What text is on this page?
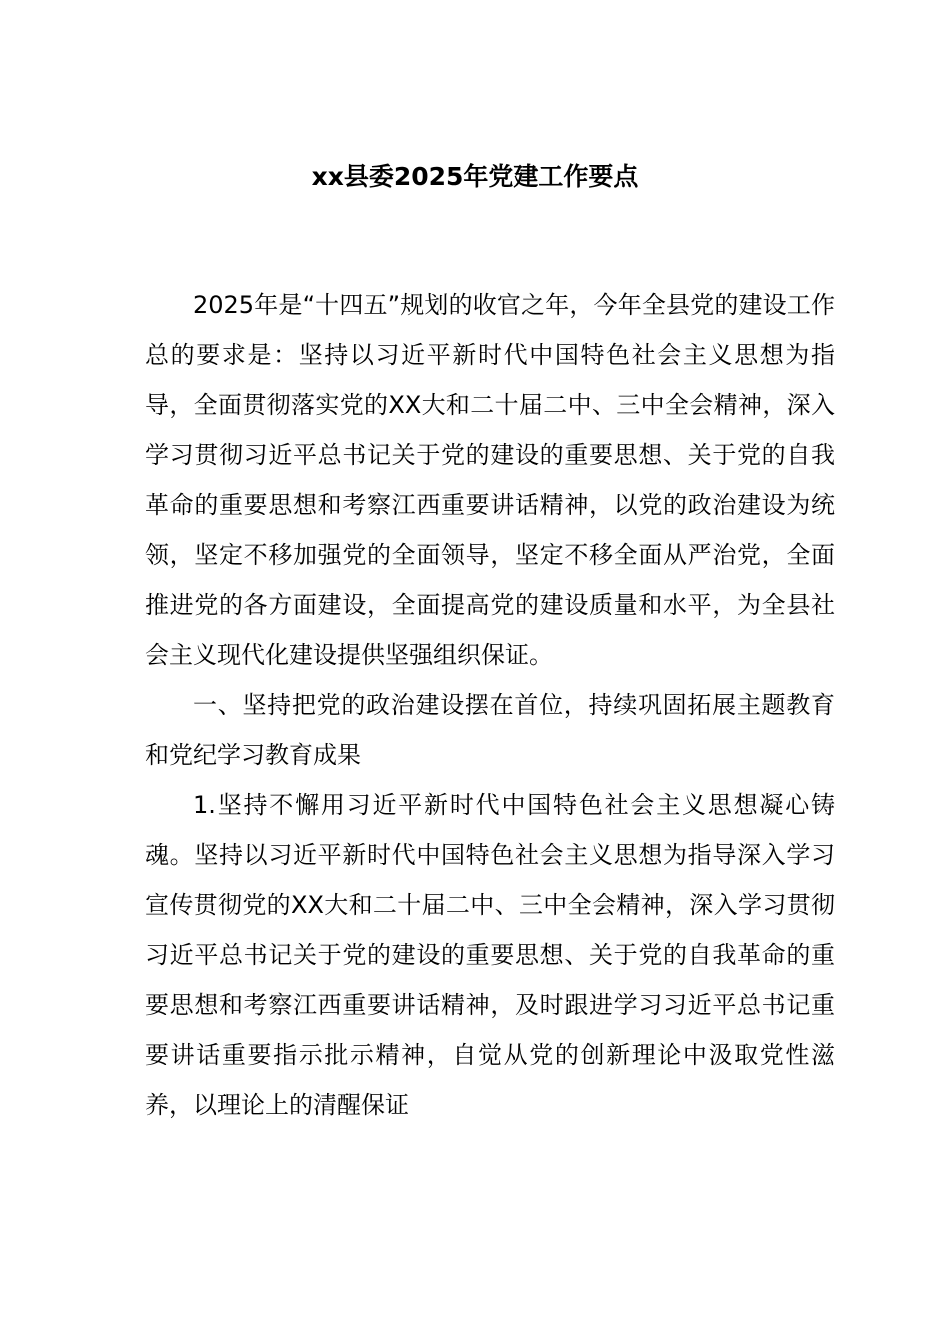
xx县委2025年党建工作要点

2025年是“十四五”规划的收官之年，今年全县党的建设工作总的要求是：坚持以习近平新时代中国特色社会主义思想为指导，全面贯彻落实党的XX大和二十届二中、三中全会精神，深入学习贯彻习近平总书记关于党的建设的重要思想、关于党的自我革命的重要思想和考察江西重要讲话精神，以党的政治建设为统领，坚定不移加强党的全面领导，坚定不移全面从严治党，全面推进党的各方面建设，全面提高党的建设质量和水平，为全县社会主义现代化建设提供坚强组织保证。

一、坚持把党的政治建设摆在首位，持续巩固拓展主题教育和党纪学习教育成果

1.坚持不懈用习近平新时代中国特色社会主义思想凝心铸魂。坚持以习近平新时代中国特色社会主义思想为指导深入学习宣传贯彻党的XX大和二十届二中、三中全会精神，深入学习贯彻习近平总书记关于党的建设的重要思想、关于党的自我革命的重要思想和考察江西重要讲话精神，及时跟进学习习近平总书记重要讲话重要指示批示精神，自觉从党的创新理论中汲取党性滋养，以理论上的清醒保证
